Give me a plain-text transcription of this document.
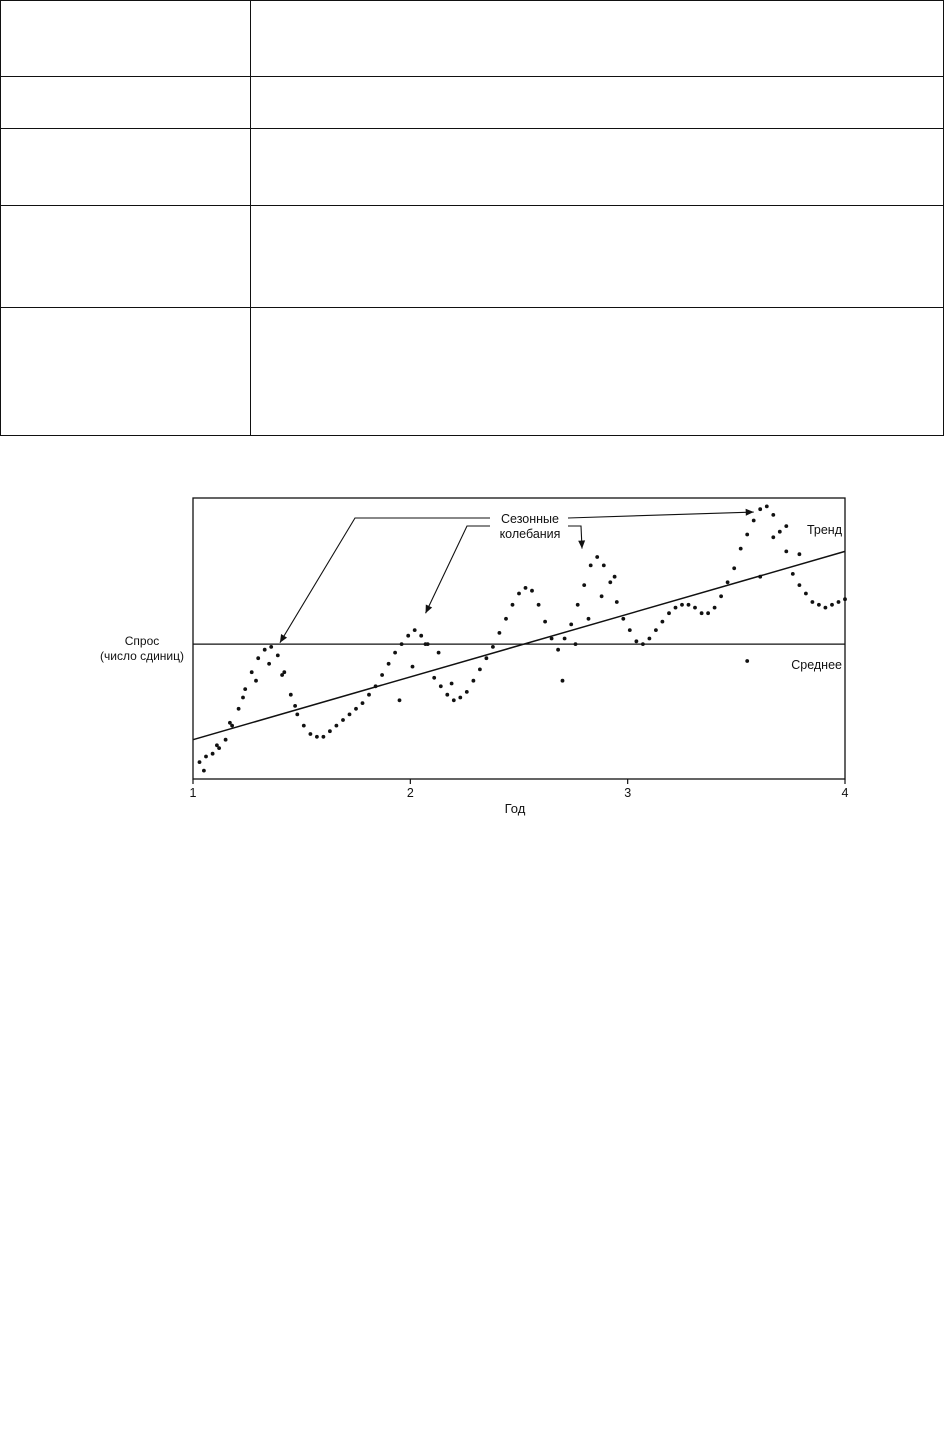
1	2	3	4
Спрос
(число сдиниц)
Год
Сезонные
колебания	Тренд
Среднее
